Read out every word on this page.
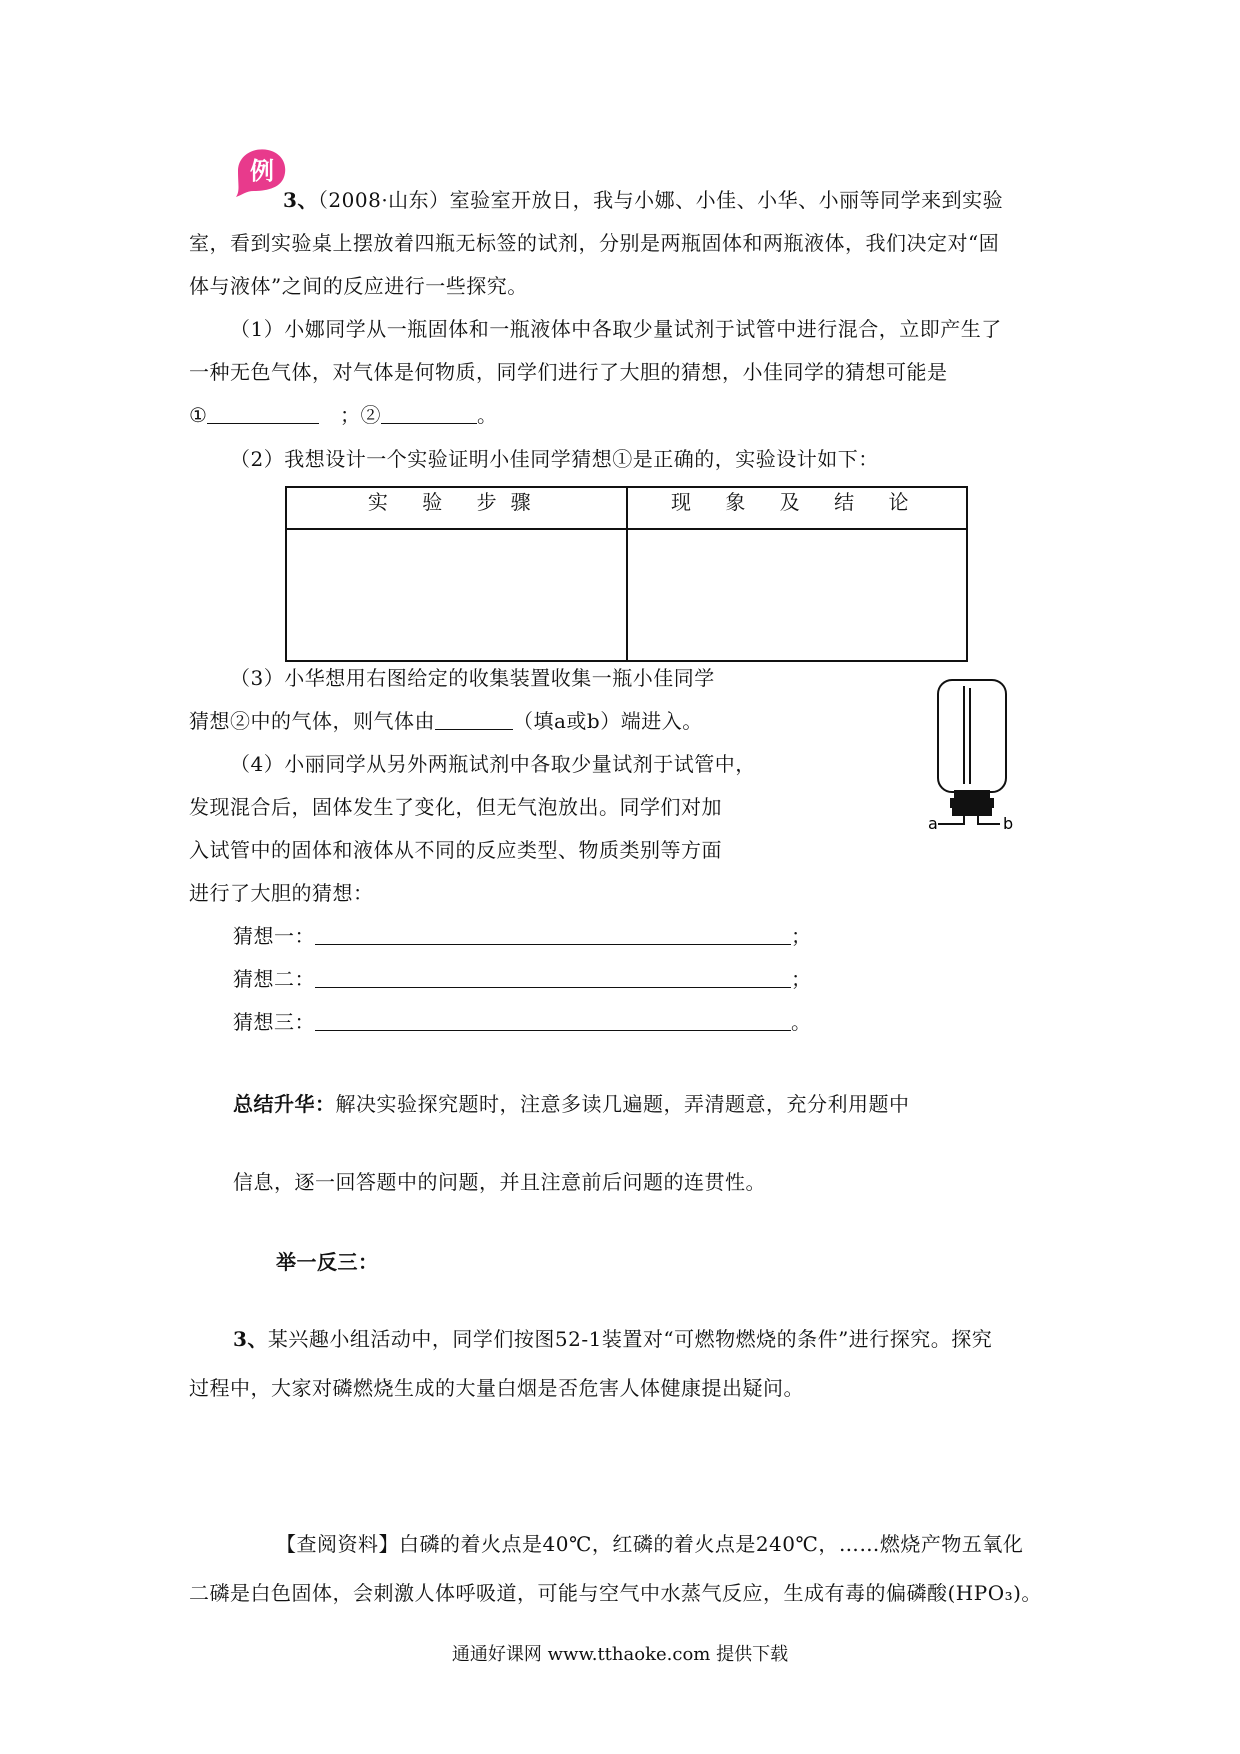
例
3、（2008·山东）室验室开放日，我与小娜、小佳、小华、小丽等同学来到实验
室，看到实验桌上摆放着四瓶无标签的试剂，分别是两瓶固体和两瓶液体，我们决定对“固
体与液体”之间的反应进行一些探究。
（1）小娜同学从一瓶固体和一瓶液体中各取少量试剂于试管中进行混合，立即产生了
一种无色气体，对气体是何物质，同学们进行了大胆的猜想，小佳同学的猜想可能是
①	；②	。
（2）我想设计一个实验证明小佳同学猜想①是正确的，实验设计如下：
实 验 步骤	现 象 及 结 论

（3）小华想用右图给定的收集装置收集一瓶小佳同学
猜想②中的气体，则气体由	（填a或b）端进入。
（4）小丽同学从另外两瓶试剂中各取少量试剂于试管中，
发现混合后，固体发生了变化，但无气泡放出。同学们对加
入试管中的固体和液体从不同的反应类型、物质类别等方面
进行了大胆的猜想：
猜想一：	；
猜想二：	；
猜想三：	。
a	b
总结升华：解决实验探究题时，注意多读几遍题，弄清题意，充分利用题中
信息，逐一回答题中的问题，并且注意前后问题的连贯性。
举一反三：
3、某兴趣小组活动中，同学们按图52-1装置对“可燃物燃烧的条件”进行探究。探究
过程中，大家对磷燃烧生成的大量白烟是否危害人体健康提出疑问。
【查阅资料】白磷的着火点是40℃，红磷的着火点是240℃，……燃烧产物五氧化
二磷是白色固体，会刺激人体呼吸道，可能与空气中水蒸气反应，生成有毒的偏磷酸(HPO₃)。
通通好课网 www.tthaoke.com 提供下载
